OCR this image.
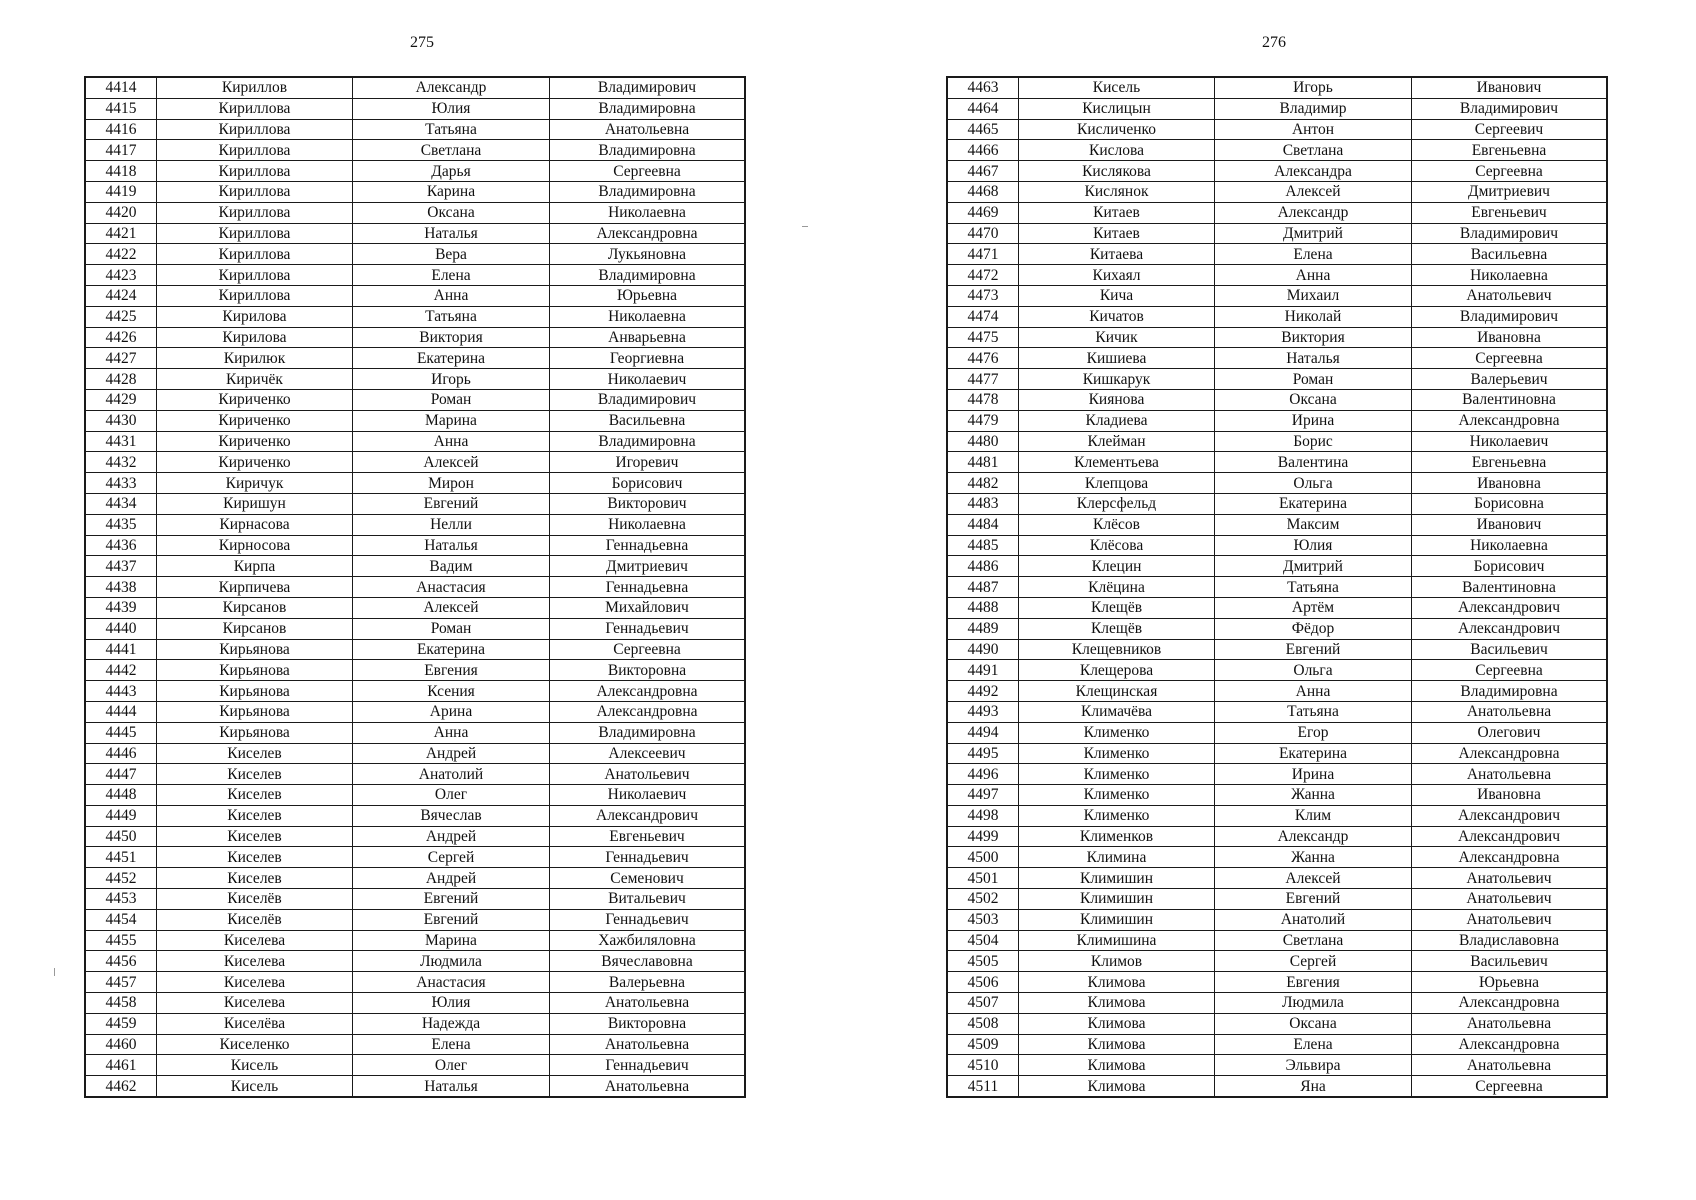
275
4414	Кириллов	Александр	Владимирович
4415	Кириллова	Юлия	Владимировна
4416	Кириллова	Татьяна	Анатольевна
4417	Кириллова	Светлана	Владимировна
4418	Кириллова	Дарья	Сергеевна
4419	Кириллова	Карина	Владимировна
4420	Кириллова	Оксана	Николаевна
4421	Кириллова	Наталья	Александровна
4422	Кириллова	Вера	Лукьяновна
4423	Кириллова	Елена	Владимировна
4424	Кириллова	Анна	Юрьевна
4425	Кирилова	Татьяна	Николаевна
4426	Кирилова	Виктория	Анварьевна
4427	Кирилюк	Екатерина	Георгиевна
4428	Киричёк	Игорь	Николаевич
4429	Кириченко	Роман	Владимирович
4430	Кириченко	Марина	Васильевна
4431	Кириченко	Анна	Владимировна
4432	Кириченко	Алексей	Игоревич
4433	Киричук	Мирон	Борисович
4434	Киришун	Евгений	Викторович
4435	Кирнасова	Нелли	Николаевна
4436	Кирносова	Наталья	Геннадьевна
4437	Кирпа	Вадим	Дмитриевич
4438	Кирпичева	Анастасия	Геннадьевна
4439	Кирсанов	Алексей	Михайлович
4440	Кирсанов	Роман	Геннадьевич
4441	Кирьянова	Екатерина	Сергеевна
4442	Кирьянова	Евгения	Викторовна
4443	Кирьянова	Ксения	Александровна
4444	Кирьянова	Арина	Александровна
4445	Кирьянова	Анна	Владимировна
4446	Киселев	Андрей	Алексеевич
4447	Киселев	Анатолий	Анатольевич
4448	Киселев	Олег	Николаевич
4449	Киселев	Вячеслав	Александрович
4450	Киселев	Андрей	Евгеньевич
4451	Киселев	Сергей	Геннадьевич
4452	Киселев	Андрей	Семенович
4453	Киселёв	Евгений	Витальевич
4454	Киселёв	Евгений	Геннадьевич
4455	Киселева	Марина	Хажбиляловна
4456	Киселева	Людмила	Вячеславовна
4457	Киселева	Анастасия	Валерьевна
4458	Киселева	Юлия	Анатольевна
4459	Киселёва	Надежда	Викторовна
4460	Киселенко	Елена	Анатольевна
4461	Кисель	Олег	Геннадьевич
4462	Кисель	Наталья	Анатольевна
276
4463	Кисель	Игорь	Иванович
4464	Кислицын	Владимир	Владимирович
4465	Кисличенко	Антон	Сергеевич
4466	Кислова	Светлана	Евгеньевна
4467	Кислякова	Александра	Сергеевна
4468	Кислянок	Алексей	Дмитриевич
4469	Китаев	Александр	Евгеньевич
4470	Китаев	Дмитрий	Владимирович
4471	Китаева	Елена	Васильевна
4472	Кихаял	Анна	Николаевна
4473	Кича	Михаил	Анатольевич
4474	Кичатов	Николай	Владимирович
4475	Кичик	Виктория	Ивановна
4476	Кишиева	Наталья	Сергеевна
4477	Кишкарук	Роман	Валерьевич
4478	Киянова	Оксана	Валентиновна
4479	Кладиева	Ирина	Александровна
4480	Клейман	Борис	Николаевич
4481	Клементьева	Валентина	Евгеньевна
4482	Клепцова	Ольга	Ивановна
4483	Клерсфельд	Екатерина	Борисовна
4484	Клёсов	Максим	Иванович
4485	Клёсова	Юлия	Николаевна
4486	Клецин	Дмитрий	Борисович
4487	Клёцина	Татьяна	Валентиновна
4488	Клещёв	Артём	Александрович
4489	Клещёв	Фёдор	Александрович
4490	Клещевников	Евгений	Васильевич
4491	Клещерова	Ольга	Сергеевна
4492	Клещинская	Анна	Владимировна
4493	Климачёва	Татьяна	Анатольевна
4494	Клименко	Егор	Олегович
4495	Клименко	Екатерина	Александровна
4496	Клименко	Ирина	Анатольевна
4497	Клименко	Жанна	Ивановна
4498	Клименко	Клим	Александрович
4499	Клименков	Александр	Александрович
4500	Климина	Жанна	Александровна
4501	Климишин	Алексей	Анатольевич
4502	Климишин	Евгений	Анатольевич
4503	Климишин	Анатолий	Анатольевич
4504	Климишина	Светлана	Владиславовна
4505	Климов	Сергей	Васильевич
4506	Климова	Евгения	Юрьевна
4507	Климова	Людмила	Александровна
4508	Климова	Оксана	Анатольевна
4509	Климова	Елена	Александровна
4510	Климова	Эльвира	Анатольевна
4511	Климова	Яна	Сергеевна
